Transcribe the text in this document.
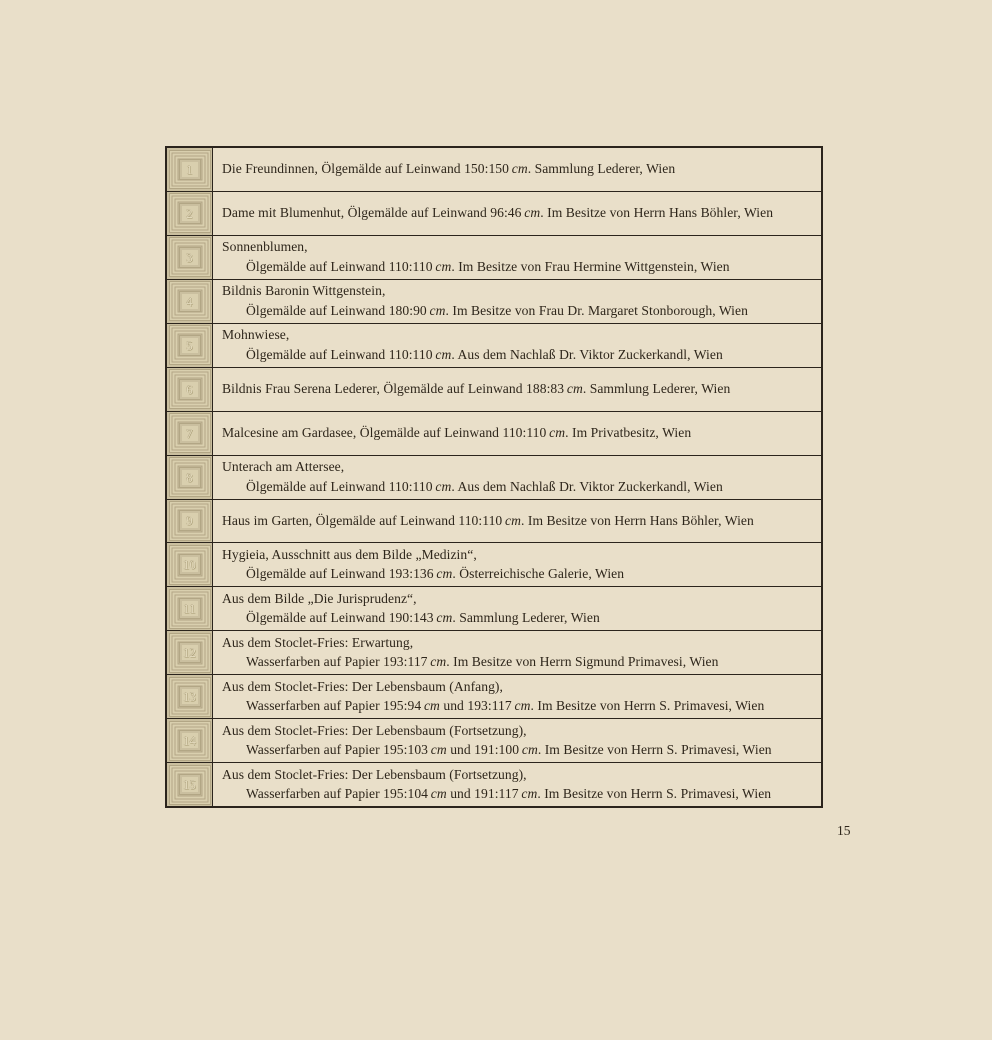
1 Die Freundinnen, Ölgemälde auf Leinwand 150:150 cm. Sammlung Lederer, Wien
2 Dame mit Blumenhut, Ölgemälde auf Leinwand 96:46 cm. Im Besitze von Herrn Hans Böhler, Wien
3
Sonnenblumen,
Ölgemälde auf Leinwand 110:110 cm. Im Besitze von Frau Hermine Wittgenstein, Wien
4
Bildnis Baronin Wittgenstein,
Ölgemälde auf Leinwand 180:90 cm. Im Besitze von Frau Dr. Margaret Stonborough, Wien
5
Mohnwiese,
Ölgemälde auf Leinwand 110:110 cm. Aus dem Nachlaß Dr. Viktor Zuckerkandl, Wien
6 Bildnis Frau Serena Lederer, Ölgemälde auf Leinwand 188:83 cm. Sammlung Lederer, Wien
7 Malcesine am Gardasee, Ölgemälde auf Leinwand 110:110 cm. Im Privatbesitz, Wien
8
Unterach am Attersee,
Ölgemälde auf Leinwand 110:110 cm. Aus dem Nachlaß Dr. Viktor Zuckerkandl, Wien
9 Haus im Garten, Ölgemälde auf Leinwand 110:110 cm. Im Besitze von Herrn Hans Böhler, Wien
10
Hygieia, Ausschnitt aus dem Bilde „Medizin“,
Ölgemälde auf Leinwand 193:136 cm. Österreichische Galerie, Wien
11
Aus dem Bilde „Die Jurisprudenz“,
Ölgemälde auf Leinwand 190:143 cm. Sammlung Lederer, Wien
12
Aus dem Stoclet-Fries: Erwartung,
Wasserfarben auf Papier 193:117 cm. Im Besitze von Herrn Sigmund Primavesi, Wien
13
Aus dem Stoclet-Fries: Der Lebensbaum (Anfang),
Wasserfarben auf Papier 195:94 cm und 193:117 cm. Im Besitze von Herrn S. Primavesi, Wien
14
Aus dem Stoclet-Fries: Der Lebensbaum (Fortsetzung),
Wasserfarben auf Papier 195:103 cm und 191:100 cm. Im Besitze von Herrn S. Primavesi, Wien
15
Aus dem Stoclet-Fries: Der Lebensbaum (Fortsetzung),
Wasserfarben auf Papier 195:104 cm und 191:117 cm. Im Besitze von Herrn S. Primavesi, Wien
15
